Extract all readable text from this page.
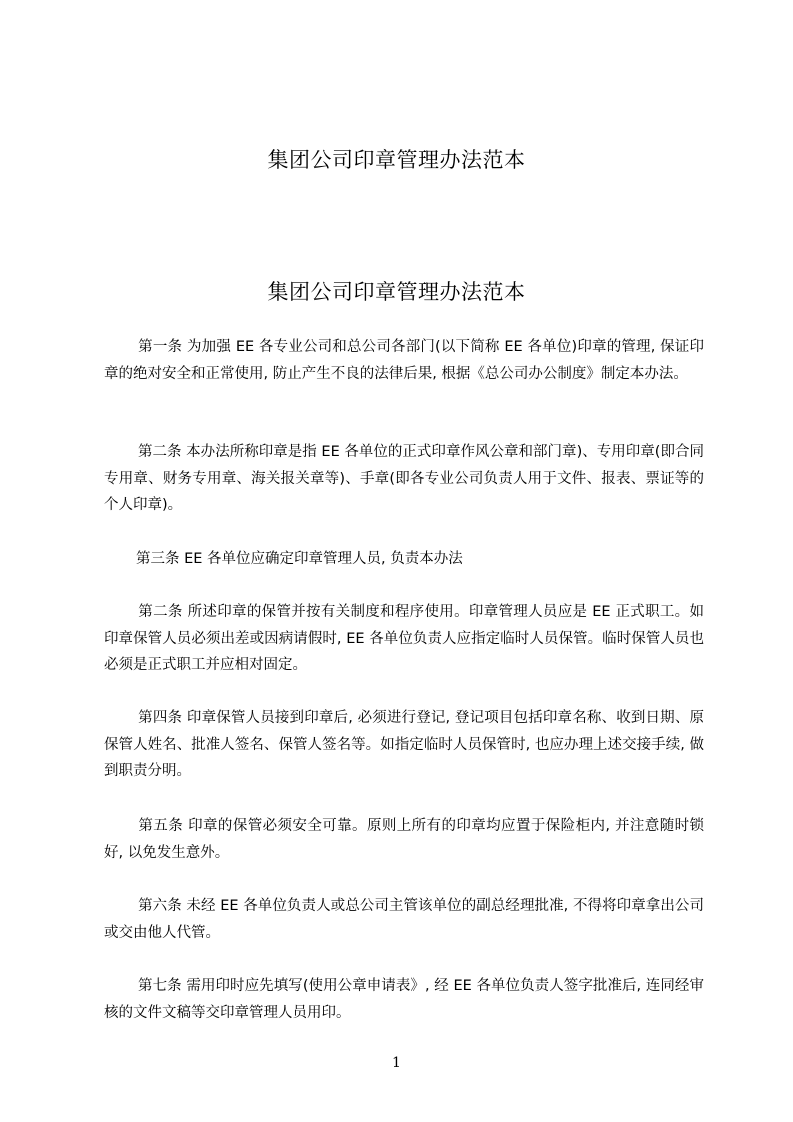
集团公司印章管理办法范本
集团公司印章管理办法范本
第一条 为加强 EE 各专业公司和总公司各部门(以下简称 EE 各单位)印章的管理, 保证印章的绝对安全和正常使用, 防止产生不良的法律后果, 根据《总公司办公制度》制定本办法。
第二条 本办法所称印章是指 EE 各单位的正式印章作风公章和部门章)、专用印章(即合同专用章、财务专用章、海关报关章等)、手章(即各专业公司负责人用于文件、报表、票证等的个人印章)。
第三条 EE 各单位应确定印章管理人员, 负责本办法
第二条 所述印章的保管并按有关制度和程序使用。印章管理人员应是 EE 正式职工。如印章保管人员必须出差或因病请假时, EE 各单位负责人应指定临时人员保管。临时保管人员也必须是正式职工并应相对固定。
第四条 印章保管人员接到印章后, 必须进行登记, 登记项目包括印章名称、收到日期、原保管人姓名、批准人签名、保管人签名等。如指定临时人员保管时, 也应办理上述交接手续, 做到职责分明。
第五条 印章的保管必须安全可靠。原则上所有的印章均应置于保险柜内, 并注意随时锁好, 以免发生意外。
第六条 未经 EE 各单位负责人或总公司主管该单位的副总经理批准, 不得将印章拿出公司或交由他人代管。
第七条 需用印时应先填写(使用公章申请表》, 经 EE 各单位负责人签字批准后, 连同经审核的文件文稿等交印章管理人员用印。
1
